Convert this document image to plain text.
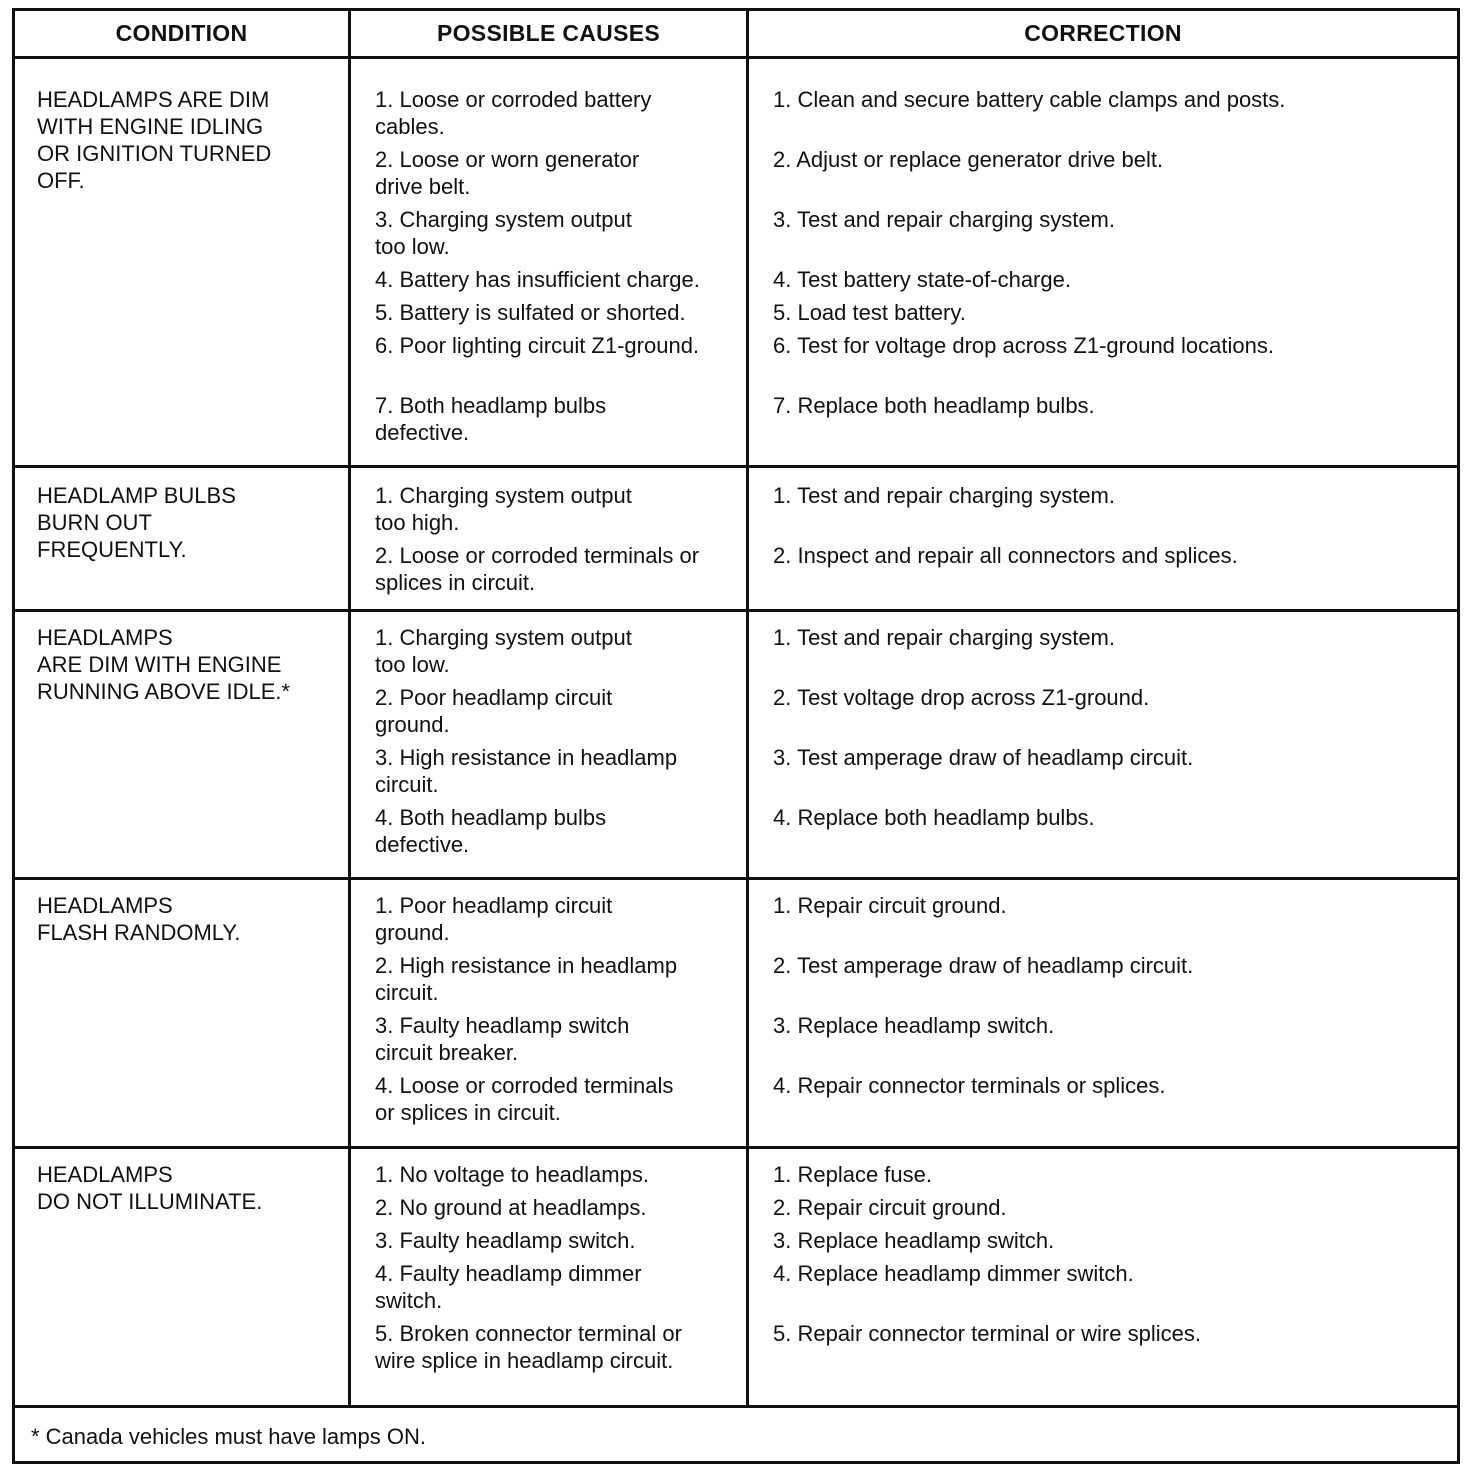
CONDITION	POSSIBLE CAUSES	CORRECTION
HEADLAMPS ARE DIM
WITH ENGINE IDLING
OR IGNITION TURNED
OFF.
1. Loose or corroded battery
cables.
2. Loose or worn generator
drive belt.
3. Charging system output
too low.
4. Battery has insufficient charge.
5. Battery is sulfated or shorted.
6. Poor lighting circuit Z1-ground.
7. Both headlamp bulbs
defective.
1. Clean and secure battery cable clamps and posts.
2. Adjust or replace generator drive belt.
3. Test and repair charging system.
4. Test battery state-of-charge.
5. Load test battery.
6. Test for voltage drop across Z1-ground locations.
7. Replace both headlamp bulbs.
HEADLAMP BULBS
BURN OUT
FREQUENTLY.
1. Charging system output
too high.
2. Loose or corroded terminals or
splices in circuit.
1. Test and repair charging system.
2. Inspect and repair all connectors and splices.
HEADLAMPS
ARE DIM WITH ENGINE
RUNNING ABOVE IDLE.*
1. Charging system output
too low.
2. Poor headlamp circuit
ground.
3. High resistance in headlamp
circuit.
4. Both headlamp bulbs
defective.
1. Test and repair charging system.
2. Test voltage drop across Z1-ground.
3. Test amperage draw of headlamp circuit.
4. Replace both headlamp bulbs.
HEADLAMPS
FLASH RANDOMLY.
1. Poor headlamp circuit
ground.
2. High resistance in headlamp
circuit.
3. Faulty headlamp switch
circuit breaker.
4. Loose or corroded terminals
or splices in circuit.
1. Repair circuit ground.
2. Test amperage draw of headlamp circuit.
3. Replace headlamp switch.
4. Repair connector terminals or splices.
HEADLAMPS
DO NOT ILLUMINATE.
1. No voltage to headlamps.
2. No ground at headlamps.
3. Faulty headlamp switch.
4. Faulty headlamp dimmer
switch.
5. Broken connector terminal or
wire splice in headlamp circuit.
1. Replace fuse.
2. Repair circuit ground.
3. Replace headlamp switch.
4. Replace headlamp dimmer switch.
5. Repair connector terminal or wire splices.
* Canada vehicles must have lamps ON.
